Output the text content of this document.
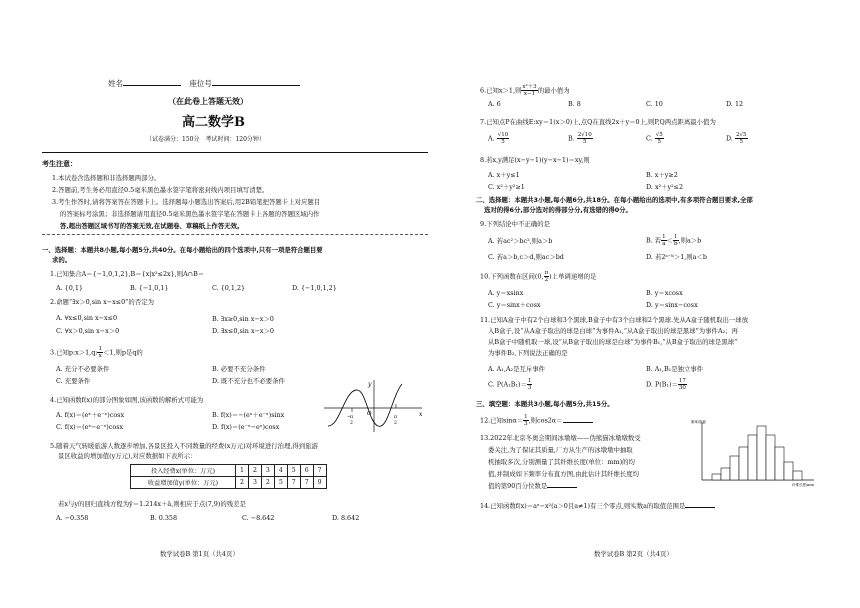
姓名	座位号
（在此卷上答题无效）
高二数学B
（试卷满分：150分　考试时间：120分钟）
考生注意：
1.本试卷含选择题和非选择题两部分。
2.答题前,考生务必用直径0.5毫米黑色墨水签字笔将密封线内项目填写清楚。
3.考生作答时,请将答案答在答题卡上。选择题每小题选出答案后,用2B铅笔把答题卡上对应题目
的答案标号涂黑；非选择题请用直径0.5毫米黑色墨水签字笔在答题卡上各题的答题区域内作
答,超出答题区域书写的答案无效,在试题卷、草稿纸上作答无效。
一、选择题：本题共8小题,每小题5分,共40分。在每小题给出的四个选项中,只有一项是符合题目要
求的。
1.已知集合A＝{−1,0,1,2},B＝{x|x²≤2x},则A∩B＝
A. {0,1}	B. {−1,0,1}	C. {0,1,2}	D. {−1,0,1,2}
2.命题“∃x＞0,sin x−x≤0”的否定为
A. ∀x≤0,sin x−x≤0	B. ∃x≥0,sin x−x＞0
C. ∀x＞0,sin x−x＞0	D. ∃x≤0,sin x−x＞0
3.已知p:x＞1,q: $\frac{1}{x} <1$,则p是q的
A. 充分不必要条件	B. 必要不充分条件
C. 充要条件	D. 既不充分也不必要条件
4.已知函数f(x)的部分图象如图,该函数的解析式可能为
A. f(x)＝(eˣ＋e⁻ˣ)cosx	B. f(x)＝−(eˣ＋e⁻ˣ)sinx
C. f(x)＝(eˣ−e⁻ˣ)cosx	D. f(x)＝(e⁻ˣ−eˣ)cosx
y
x
O
− π
2
π
2
5.随着天气转暖旅游人数逐步增加,各景区投入不同数量的经费(x万元)对环境进行治理,得到旅游
景区收益的增加值(y万元),对应数据如下表所示：
投入经费x(单位：万元)	1	2	3	4	5	6	7
收益增加值y(单位：万元)	2	3	2	5	7	7	9
若x与y的回归直线方程为ŷ＝1.214x＋â,则相应于点(7,9)的残差是
A. −0.358	B. 0.358	C. −8.642	D. 8.642
数学试卷B 第1页（共4页）
6.已知x＞1,则 $\frac{\text{x²＋3}}{x-1}$ 的最小值为
A. 6	B. 8	C. 10	D. 12
7.已知点P在曲线E:xy＝1(x＞0)上,点Q在直线2x＋y＝0上,则P,Q两点距离最小值为
A. $\frac{√10}{5}$	B. $\frac{2√10}{5}$	C. $\frac{√5}{5}$	D. $\frac{2√5}{5}$
8.若x,y满足(x−y−1)(y−x−1)＝xy,则
A. x＋y≤1	B. x＋y≥2
C. x²＋y²≥1	D. x²＋y²≤2
二、选择题：本题共3小题,每小题6分,共18分。在每小题给出的选项中,有多项符合题目要求,全部
选对的得6分,部分选对的得部分分,有选错的得0分。
9.下列结论中不正确的是
A. 若ac²＞bc²,则a＞b	B. 若 $\frac{1}{a} < \frac{1}{b}$ ,则a＞b
C. 若a＞b,c＞d,则ac＞bd	D. 若2ᵃ⁻ᵇ＞1,则a＜b
10.下列函数在区间(0, $\frac{\pi}{2}$ )上单调递增的是
A. y＝xsinx	B. y＝xcosx
C. y＝sinx＋cosx	D. y＝sinx−cosx
11.已知A盒子中有2个白球和3个黑球,B盒子中有3个白球和2个黑球.先从A盒子随机取出一球放
入B盒子,设“从A盒子取出的球是白球”为事件A₁,“从A盒子取出的球是黑球”为事件A₂；再
从B盒子中随机取一球,设“从B盒子取出的球是白球”为事件B₁,“从B盒子取出的球是黑球”
为事件B₂,下列说法正确的是
A. A₁,A₂是互斥事件	B. A₁,B₁是独立事件
C. $P(A_1B_1)= \frac{1}{3}$	D. $P(B_1)= \frac{17}{30}$
三、填空题：本题共3小题,每小题5分,共15分。
12.已知$\sin\alpha= \frac{1}{3}$ ,则cos2α＝
13.2022年北京冬奥会期间冰墩墩——伪熊猫冰墩墩数受
委关注,为了保证其质量,厂方从生产的冰墩墩中抽取
机抽取多次,分别测量了其纤维长度(单位：mm)的均
值,并制成如下频率分布直方图,由此估计其纤维长度均
值的第90百分位数是
频率/组距
纤维长度/mm
14.已知函数f(x)＝aˣ−x²(a＞0且a≠1)有三个零点,则实数a的取值范围是
数学试卷B 第2页（共4页）
